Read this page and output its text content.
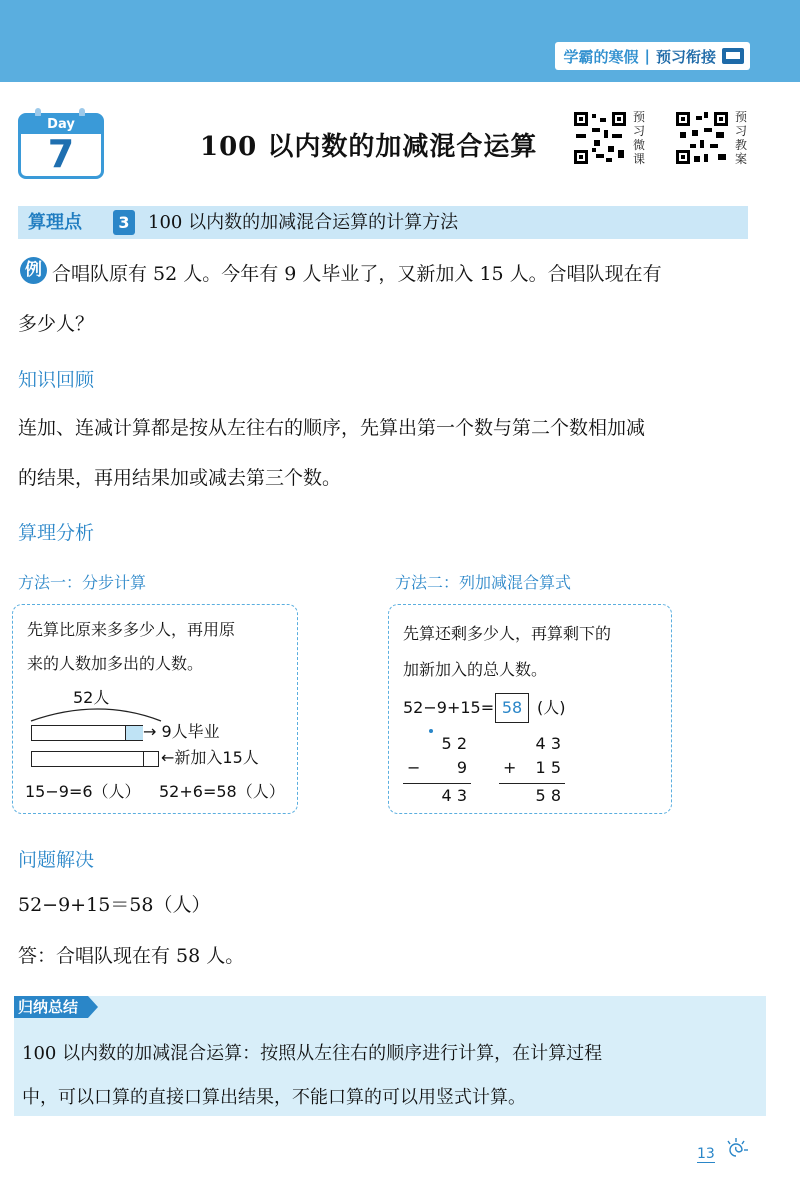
学霸的寒假 | 预习衔接
Day
7	100 以内数的加减混合运算
预
习
微
课
预
习
教
案
算理点	3	100 以内数的加减混合运算的计算方法
例 合唱队原有 52 人。今年有 9 人毕业了，又新加入 15 人。合唱队现在有
多少人？
知识回顾
连加、连减计算都是按从左往右的顺序，先算出第一个数与第二个数相加减
的结果，再用结果加或减去第三个数。
算理分析
方法一：分步计算	方法二：列加减混合算式
先算比原来多多少人，再用原
来的人数加多出的人数。
52人
→ 9人毕业
←新加入15人
15−9=6（人） 52+6=58（人）
先算还剩多少人，再算剩下的
加新加入的总人数。
52−9+15= 58 (人)
5 2
−	9
4 3
4 3
+	1 5
5 8
问题解决
52−9+15＝58（人）
答：合唱队现在有 58 人。
归纳总结
100 以内数的加减混合运算：按照从左往右的顺序进行计算，在计算过程
中，可以口算的直接口算出结果，不能口算的可以用竖式计算。
13
